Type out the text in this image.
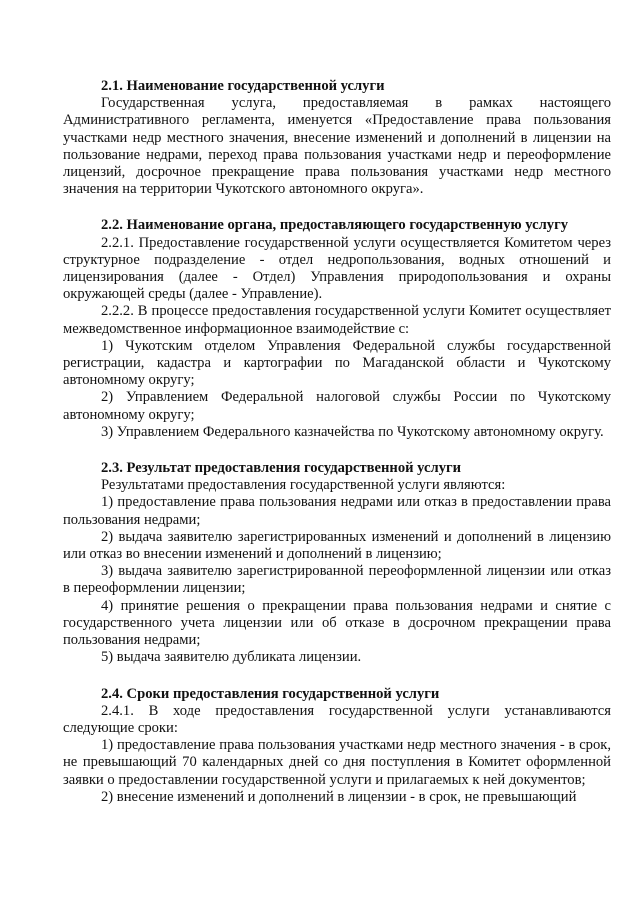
2.1. Наименование государственной услуги

Государственная услуга, предоставляемая в рамках настоящего Административного регламента, именуется «Предоставление права пользования участками недр местного значения, внесение изменений и дополнений в лицензии на пользование недрами, переход права пользования участками недр и переоформление лицензий, досрочное прекращение права пользования участками недр местного значения на территории Чукотского автономного округа».

2.2. Наименование органа, предоставляющего государственную услугу

2.2.1. Предоставление государственной услуги осуществляется Комитетом через структурное подразделение - отдел недропользования, водных отношений и лицензирования (далее - Отдел) Управления природопользования и охраны окружающей среды (далее - Управление).

2.2.2. В процессе предоставления государственной услуги Комитет осуществляет межведомственное информационное взаимодействие с:

1) Чукотским отделом Управления Федеральной службы государственной регистрации, кадастра и картографии по Магаданской области и Чукотскому автономному округу;

2) Управлением Федеральной налоговой службы России по Чукотскому автономному округу;

3) Управлением Федерального казначейства по Чукотскому автономному округу.

2.3. Результат предоставления государственной услуги

Результатами предоставления государственной услуги являются:

1) предоставление права пользования недрами или отказ в предоставлении права пользования недрами;

2) выдача заявителю зарегистрированных изменений и дополнений в лицензию или отказ во внесении изменений и дополнений в лицензию;

3) выдача заявителю зарегистрированной переоформленной лицензии или отказ в переоформлении лицензии;

4) принятие решения о прекращении права пользования недрами и снятие с государственного учета лицензии или об отказе в досрочном прекращении права пользования недрами;

5) выдача заявителю дубликата лицензии.

2.4. Сроки предоставления государственной услуги

2.4.1. В ходе предоставления государственной услуги устанавливаются следующие сроки:

1) предоставление права пользования участками недр местного значения - в срок, не превышающий 70 календарных дней со дня поступления в Комитет оформленной заявки о предоставлении государственной услуги и прилагаемых к ней документов;

2) внесение изменений и дополнений в лицензии - в срок, не превышающий
